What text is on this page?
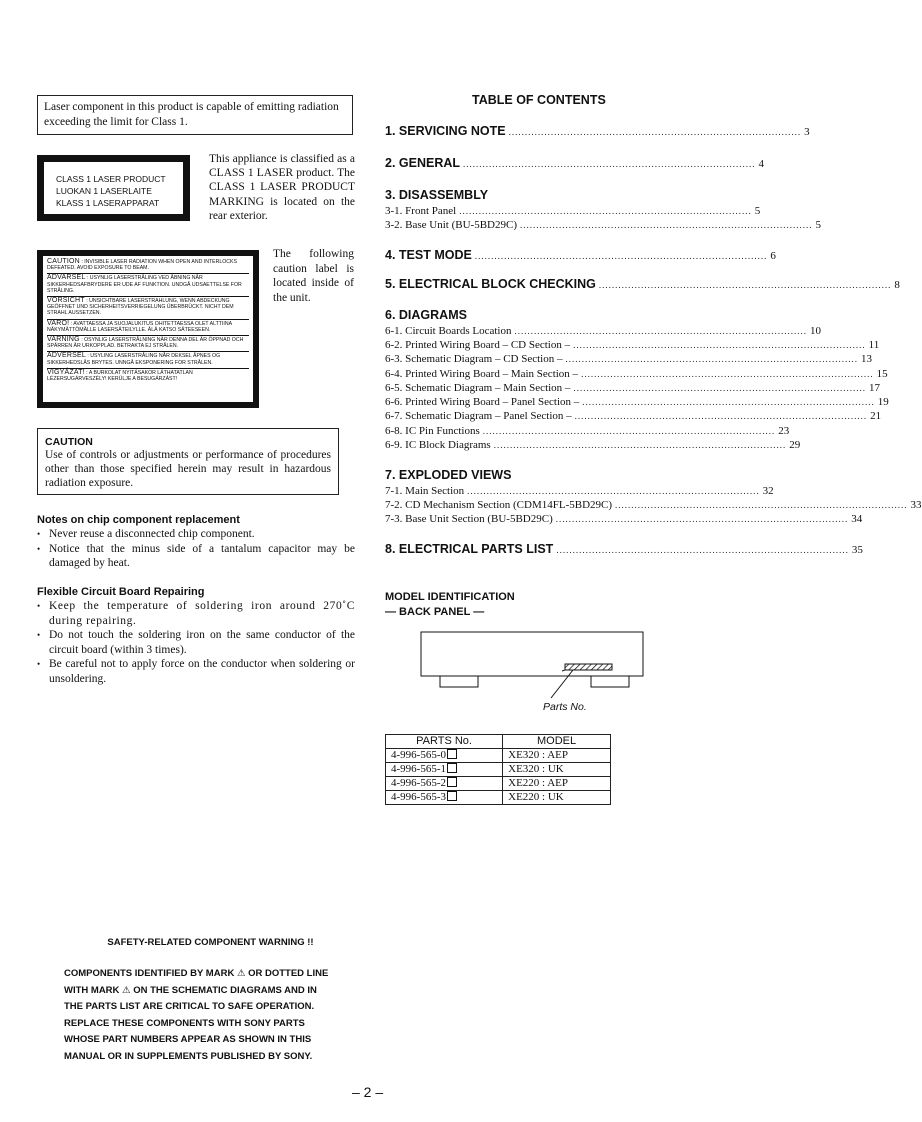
Laser component in this product is capable of emitting radiation exceeding the limit for Class 1.
CLASS 1 LASER PRODUCT
LUOKAN 1 LASERLAITE
KLASS 1 LASERAPPARAT
This appliance is classified as a CLASS 1 LASER product. The CLASS 1 LASER PRODUCT MARKING is located on the rear exterior.
CAUTION : INVISIBLE LASER RADIATION WHEN OPEN AND INTERLOCKS DEFEATED. AVOID EXPOSURE TO BEAM.
ADVARSEL : USYNLIG LASERSTRÅLING VED ÅBNING NÅR SIKKERHEDSAFBRYDERE ER UDE AF FUNKTION. UNDGÅ UDSAETTELSE FOR STRÅLING.
VORSICHT : UNSICHTBARE LASERSTRAHLUNG, WENN ABDECKUNG GEÖFFNET UND SICHERHEITSVERRIEGELUNG ÜBERBRÜCKT. NICHT DEM STRAHL AUSSETZEN.
VARO! : AVATTAESSA JA SUOJALUKITUS OHITETTAESSA OLET ALTTIINA NÄKYMÄTTÖMÄLLE LASERSÄTEILYLLE. ÄLÄ KATSO SÄTEESEEN.
VARNING : OSYNLIG LASERSTRÅLNING NÄR DENNA DEL ÄR ÖPPNAD OCH SPÄRREN ÄR URKOPPLAD. BETRAKTA EJ STRÅLEN.
ADVERSEL : USYLING LASERSTRÅLING NÅR DEKSEL ÅPNES OG SIKKERHEDSLÅS BRYTES. UNNGÅ EKSPONERING FOR STRÅLEN.
VIGYÁZAT! : A BURKOLAT NYITÁSAKOR LÁTHATATLAN LÉZERSUGÁRVESZÉLY! KERÜLJE A BESUGÁRZÁST!
The following caution label is located inside of the unit.
CAUTION
Use of controls or adjustments or performance of procedures other than those specified herein may result in hazardous radiation exposure.
Notes on chip component replacement
• Never reuse a disconnected chip component.
• Notice that the minus side of a tantalum capacitor may be damaged by heat.
Flexible Circuit Board Repairing
• Keep the temperature of soldering iron around 270˚C during repairing.
• Do not touch the soldering iron on the same conductor of the circuit board (within 3 times).
• Be careful not to apply force on the conductor when soldering or unsoldering.
TABLE OF CONTENTS
1. SERVICING NOTE .......................................................................................... 3
2. GENERAL .......................................................................................... 4
3. DISASSEMBLY
3-1. Front Panel .......................................................................................... 5
3-2. Base Unit (BU-5BD29C) .......................................................................................... 5
4. TEST MODE .......................................................................................... 6
5. ELECTRICAL BLOCK CHECKING .......................................................................................... 8
6. DIAGRAMS
6-1. Circuit Boards Location .......................................................................................... 10
6-2. Printed Wiring Board – CD Section – .......................................................................................... 11
6-3. Schematic Diagram – CD Section – .......................................................................................... 13
6-4. Printed Wiring Board – Main Section – .......................................................................................... 15
6-5. Schematic Diagram – Main Section – .......................................................................................... 17
6-6. Printed Wiring Board – Panel Section – .......................................................................................... 19
6-7. Schematic Diagram – Panel Section – .......................................................................................... 21
6-8. IC Pin Functions .......................................................................................... 23
6-9. IC Block Diagrams .......................................................................................... 29
7. EXPLODED VIEWS
7-1. Main Section .......................................................................................... 32
7-2. CD Mechanism Section (CDM14FL-5BD29C) .......................................................................................... 33
7-3. Base Unit Section (BU-5BD29C) .......................................................................................... 34
8. ELECTRICAL PARTS LIST .......................................................................................... 35
MODEL IDENTIFICATION
— BACK PANEL —
Parts No.
PARTS No.	MODEL
4-996-565-0	XE320 : AEP
4-996-565-1	XE320 : UK
4-996-565-2	XE220 : AEP
4-996-565-3	XE220 : UK
SAFETY-RELATED COMPONENT WARNING !!
COMPONENTS IDENTIFIED BY MARK ⚠ OR DOTTED LINE
WITH MARK ⚠ ON THE SCHEMATIC DIAGRAMS AND IN
THE PARTS LIST ARE CRITICAL TO SAFE OPERATION.
REPLACE THESE COMPONENTS WITH SONY PARTS
WHOSE PART NUMBERS APPEAR AS SHOWN IN THIS
MANUAL OR IN SUPPLEMENTS PUBLISHED BY SONY.
– 2 –
